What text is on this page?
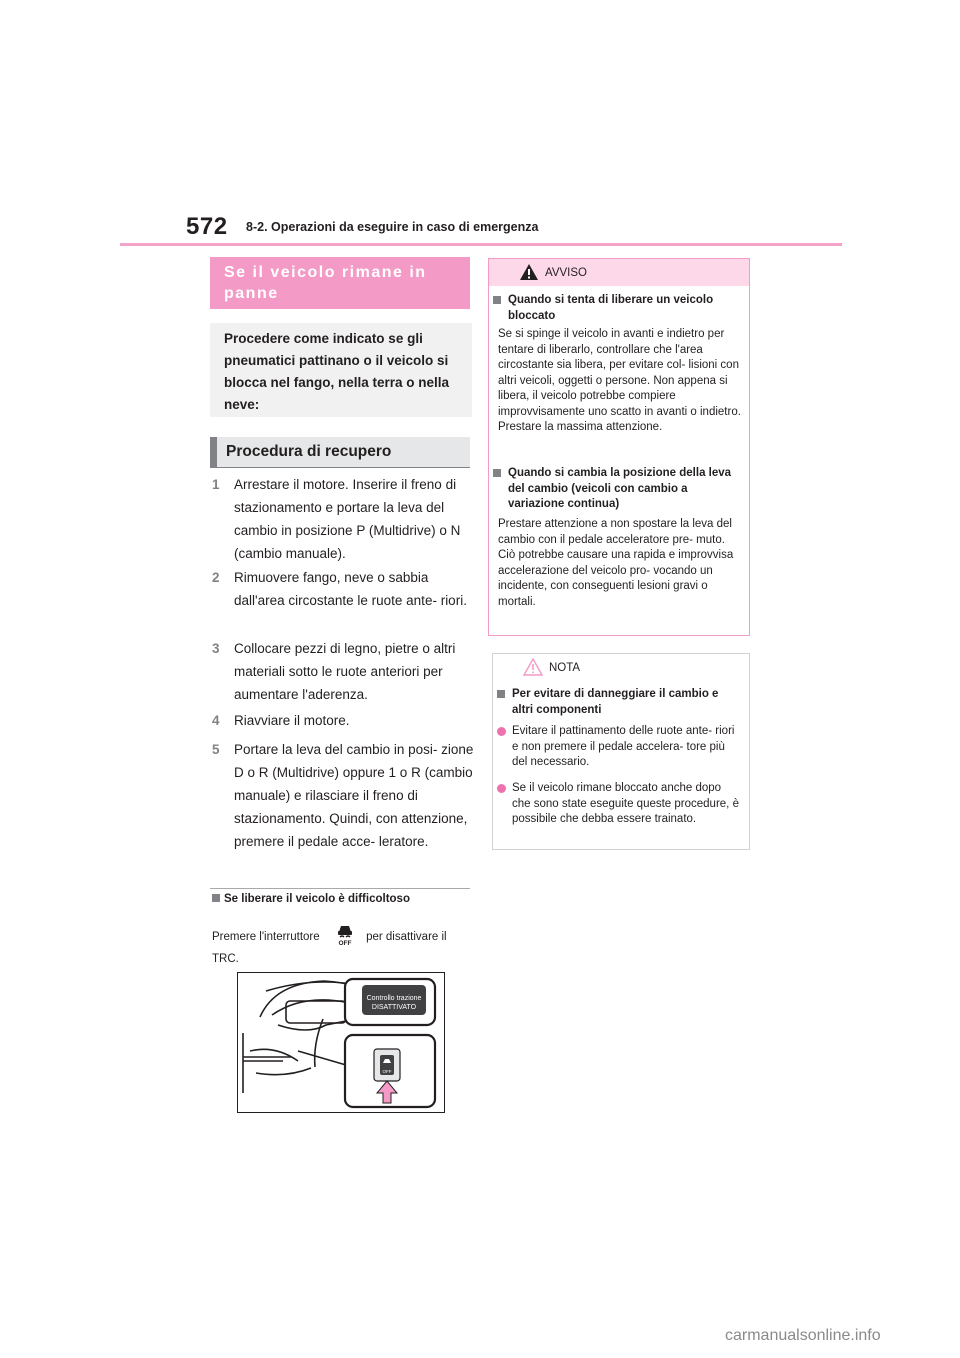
572 8-2. Operazioni da eseguire in caso di emergenza
Se il veicolo rimane in panne
Procedere come indicato se gli pneumatici pattinano o il veicolo si blocca nel fango, nella terra o nella neve:
Procedura di recupero
1 Arrestare il motore. Inserire il freno di stazionamento e portare la leva del cambio in posizione P (Multidrive) o N (cambio manuale).
2 Rimuovere fango, neve o sabbia dall'area circostante le ruote ante- riori.
3 Collocare pezzi di legno, pietre o altri materiali sotto le ruote anteriori per aumentare l'aderenza.
4 Riavviare il motore.
5 Portare la leva del cambio in posi- zione D o R (Multidrive) oppure 1 o R (cambio manuale) e rilasciare il freno di stazionamento. Quindi, con attenzione, premere il pedale acce- leratore.
Se liberare il veicolo è difficoltoso
Premere l'interruttore
OFF
per disattivare il TRC.
Controllo trazione
DISATTIVATO
OFF
AVVISO
Quando si tenta di liberare un veicolo bloccato
Se si spinge il veicolo in avanti e indietro per tentare di liberarlo, controllare che l'area circostante sia libera, per evitare col- lisioni con altri veicoli, oggetti o persone. Non appena si libera, il veicolo potrebbe compiere improvvisamente uno scatto in avanti o indietro. Prestare la massima attenzione.
Quando si cambia la posizione della leva del cambio (veicoli con cambio a variazione continua)
Prestare attenzione a non spostare la leva del cambio con il pedale acceleratore pre- muto.
Ciò potrebbe causare una rapida e improvvisa accelerazione del veicolo pro- vocando un incidente, con conseguenti lesioni gravi o mortali.
NOTA
Per evitare di danneggiare il cambio e altri componenti
Evitare il pattinamento delle ruote ante- riori e non premere il pedale accelera- tore più del necessario.
Se il veicolo rimane bloccato anche dopo che sono state eseguite queste procedure, è possibile che debba essere trainato.
carmanualsonline.info
